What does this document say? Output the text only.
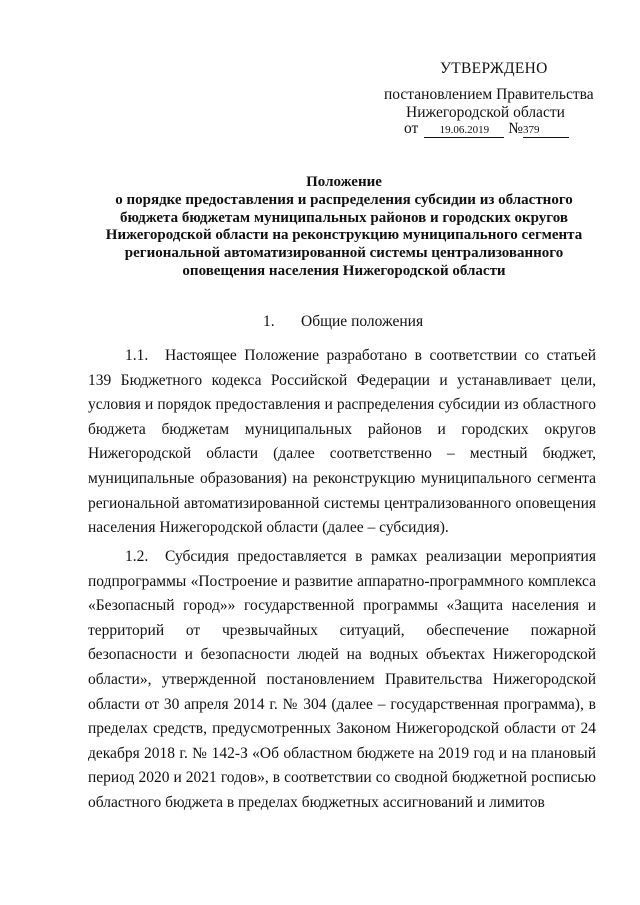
УТВЕРЖДЕНО
постановлением Правительства
Нижегородской области
от 19.06.2019 №379
Положение
о порядке предоставления и распределения субсидии из областного
бюджета бюджетам муниципальных районов и городских округов
Нижегородской области на реконструкцию муниципального сегмента
региональной автоматизированной системы централизованного
оповещения населения Нижегородской области
1. Общие положения

1.1. Настоящее Положение разработано в соответствии со статьей 139 Бюджетного кодекса Российской Федерации и устанавливает цели, условия и порядок предоставления и распределения субсидии из областного бюджета бюджетам муниципальных районов и городских округов Нижегородской области (далее соответственно – местный бюджет, муниципальные образования) на реконструкцию муниципального сегмента региональной автоматизированной системы централизованного оповещения населения Нижегородской области (далее – субсидия).

1.2. Субсидия предоставляется в рамках реализации мероприятия подпрограммы «Построение и развитие аппаратно-программного комплекса «Безопасный город»» государственной программы «Защита населения и территорий от чрезвычайных ситуаций, обеспечение пожарной безопасности и безопасности людей на водных объектах Нижегородской области», утвержденной постановлением Правительства Нижегородской области от 30 апреля 2014 г. № 304 (далее – государственная программа), в пределах средств, предусмотренных Законом Нижегородской области от 24 декабря 2018 г. № 142-З «Об областном бюджете на 2019 год и на плановый период 2020 и 2021 годов», в соответствии со сводной бюджетной росписью областного бюджета в пределах бюджетных ассигнований и лимитов
